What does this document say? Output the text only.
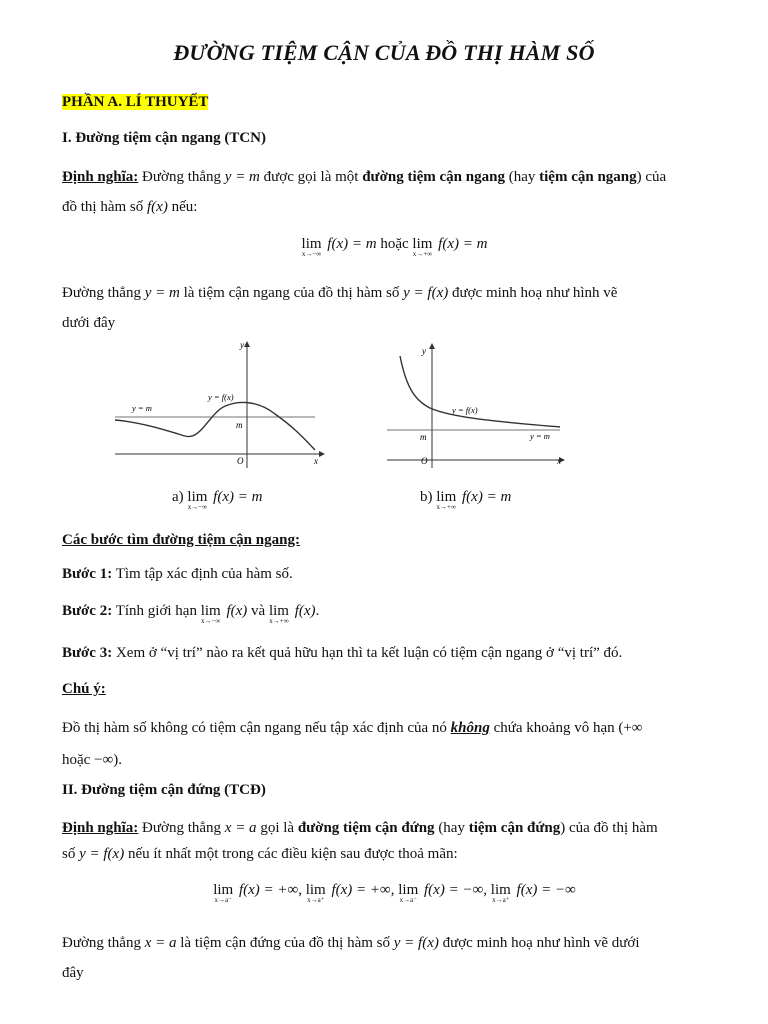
ĐƯỜNG TIỆM CẬN CỦA ĐỒ THỊ HÀM SỐ
PHẦN A. LÍ THUYẾT
I. Đường tiệm cận ngang (TCN)
Định nghĩa: Đường thẳng y = m được gọi là một đường tiệm cận ngang (hay tiệm cận ngang) của
đồ thị hàm số f(x) nếu:
lim
x→−∞
f(x) = m hoặc lim
x→+∞
f(x) = m
Đường thẳng y = m là tiệm cận ngang của đồ thị hàm số y = f(x) được minh hoạ như hình vẽ
dưới đây
y
x
O
m
y = m
y = f(x)
y
x
O
m	y = m
y = f(x)
a) lim
x→−∞
f(x) = m	b) lim
x→+∞
f(x) = m
Các bước tìm đường tiệm cận ngang:
Bước 1: Tìm tập xác định của hàm số.
Bước 2: Tính giới hạn lim
x→−∞
f(x) và lim
x→+∞
f(x).
Bước 3: Xem ở “vị trí” nào ra kết quả hữu hạn thì ta kết luận có tiệm cận ngang ở “vị trí” đó.
Chú ý:
Đồ thị hàm số không có tiệm cận ngang nếu tập xác định của nó không chứa khoảng vô hạn (+∞
hoặc −∞).
II. Đường tiệm cận đứng (TCĐ)
Định nghĩa: Đường thẳng x = a gọi là đường tiệm cận đứng (hay tiệm cận đứng) của đồ thị hàm
số y = f(x) nếu ít nhất một trong các điều kiện sau được thoả mãn:
lim
x→a⁻
f(x) = +∞, lim
x→a⁺
f(x) = +∞, lim
x→a⁻
f(x) = −∞, lim
x→a⁺
f(x) = −∞
Đường thẳng x = a là tiệm cận đứng của đồ thị hàm số y = f(x) được minh hoạ như hình vẽ dưới
đây
